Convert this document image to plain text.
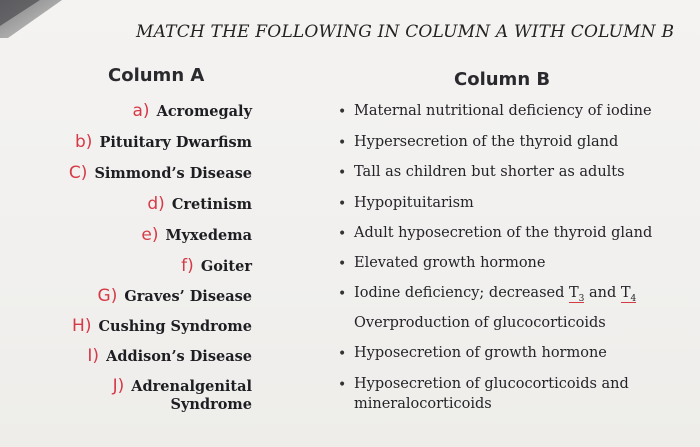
MATCH THE FOLLOWING IN COLUMN A WITH COLUMN B
Column A	Column B
a) Acromegaly
b) Pituitary Dwarfism
C) Simmond’s Disease
d) Cretinism
e) Myxedema
f) Goiter
G) Graves’ Disease
H) Cushing Syndrome
I) Addison’s Disease
J) Adrenalgenital
Syndrome
• Maternal nutritional deficiency of iodine
• Hypersecretion of the thyroid gland
• Tall as children but shorter as adults
• Hypopituitarism
• Adult hyposecretion of the thyroid gland
• Elevated growth hormone
• Iodine deficiency; decreased $T_3$ and $T_4$
Overproduction of glucocorticoids
• Hyposecretion of growth hormone
• Hyposecretion of glucocorticoids and
mineralocorticoids
